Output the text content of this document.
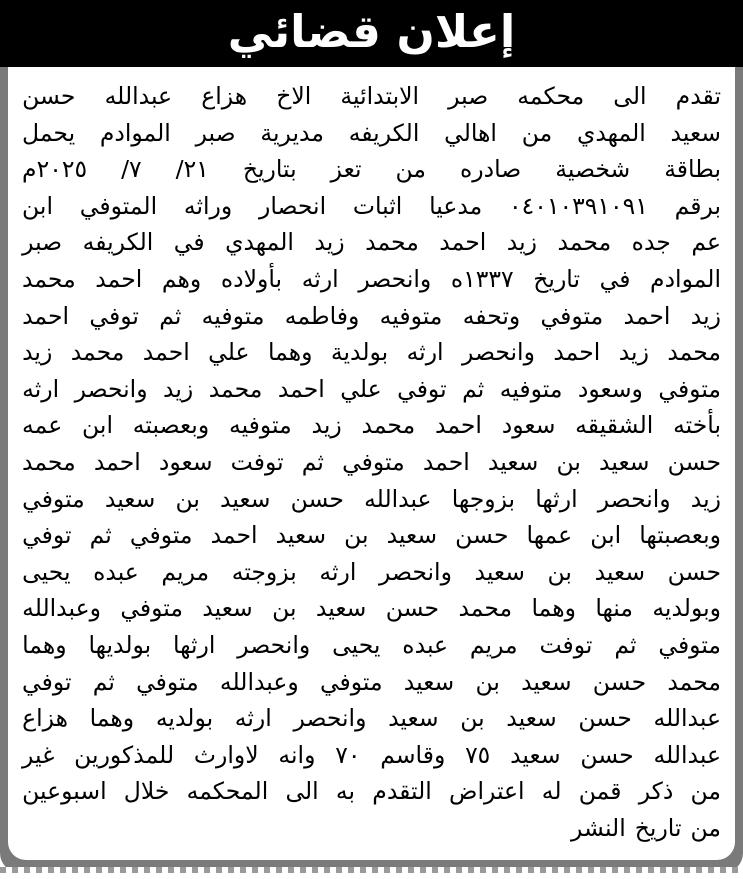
إعلان قضائي
تقدم
الى
محكمه
صبر
الابتدائية
الاخ
هزاع
عبدالله
حسن
سعيد
المهدي
من
اهالي
الكريفه
مديرية
صبر
الموادم
يحمل
بطاقة
شخصية
صادره
من
تعز
بتاريخ
٢١/
٧/
٢٠٢٥م
برقم
٠٤٠١٠٣٩١٠٩١
مدعيا
اثبات
انحصار
وراثه
المتوفي
ابن
عم
جده
محمد
زيد
احمد
محمد
زيد
المهدي
في
الكريفه
صبر
الموادم
في
تاريخ
١٣٣٧ه
وانحصر
ارثه
بأولاده
وهم
احمد
محمد
زيد
احمد
متوفي
وتحفه
متوفيه
وفاطمه
متوفيه
ثم
توفي
احمد
محمد
زيد
احمد
وانحصر
ارثه
بولدية
وهما
علي
احمد
محمد
زيد
متوفي
وسعود
متوفيه
ثم
توفي
علي
احمد
محمد
زيد
وانحصر
ارثه
بأخته
الشقيقه
سعود
احمد
محمد
زيد
متوفيه
وبعصبته
ابن
عمه
حسن
سعيد
بن
سعيد
احمد
متوفي
ثم
توفت
سعود
احمد
محمد
زيد
وانحصر
ارثها
بزوجها
عبدالله
حسن
سعيد
بن
سعيد
متوفي
وبعصبتها
ابن
عمها
حسن
سعيد
بن
سعيد
احمد
متوفي
ثم
توفي
حسن
سعيد
بن
سعيد
وانحصر
ارثه
بزوجته
مريم
عبده
يحيى
وبولديه
منها
وهما
محمد
حسن
سعيد
بن
سعيد
متوفي
وعبدالله
متوفي
ثم
توفت
مريم
عبده
يحيى
وانحصر
ارثها
بولديها
وهما
محمد
حسن
سعيد
بن
سعيد
متوفي
وعبدالله
متوفي
ثم
توفي
عبدالله
حسن
سعيد
بن
سعيد
وانحصر
ارثه
بولديه
وهما
هزاع
عبدالله
حسن
سعيد
٧٥
وقاسم
٧٠
وانه
لاوارث
للمذكورين
غير
من
ذكر
قمن
له
اعتراض
التقدم
به
الى
المحكمه
خلال
اسبوعين
من
تاريخ
النشر
